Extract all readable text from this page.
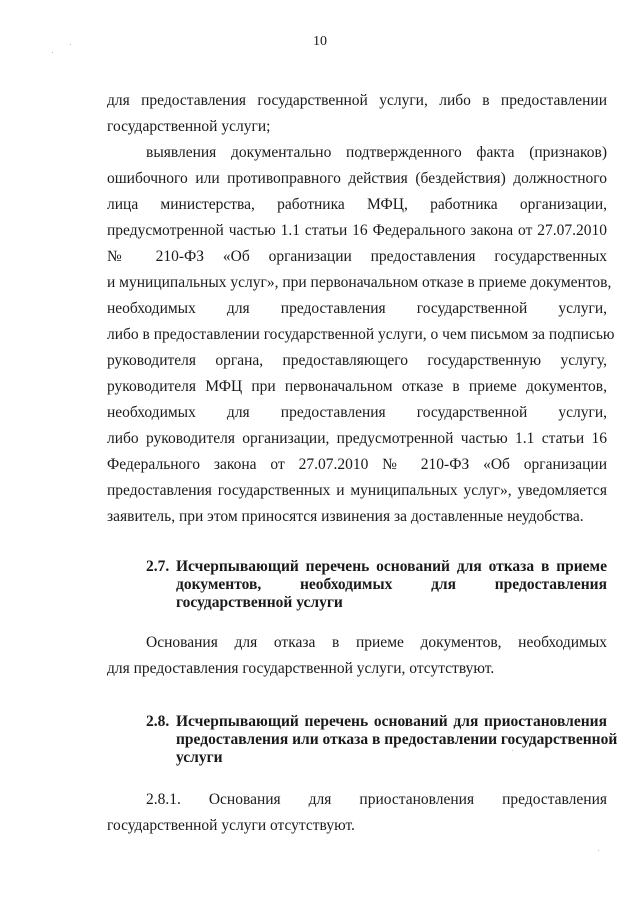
10
для предоставления государственной услуги, либо в предоставлении
государственной услуги;
выявления документально подтвержденного факта (признаков)
ошибочного или противоправного действия (бездействия) должностного
лица министерства, работника МФЦ, работника организации,
предусмотренной частью 1.1 статьи 16 Федерального закона от 27.07.2010
№ 210-ФЗ «Об организации предоставления государственных
и муниципальных услуг», при первоначальном отказе в приеме документов,
необходимых для предоставления государственной услуги,
либо в предоставлении государственной услуги, о чем письмом за подписью
руководителя органа, предоставляющего государственную услугу,
руководителя МФЦ при первоначальном отказе в приеме документов,
необходимых для предоставления государственной услуги,
либо руководителя организации, предусмотренной частью 1.1 статьи 16
Федерального закона от 27.07.2010 № 210-ФЗ «Об организации
предоставления государственных и муниципальных услуг», уведомляется
заявитель, при этом приносятся извинения за доставленные неудобства.
2.7. Исчерпывающий перечень оснований для отказа в приеме
документов, необходимых для предоставления
государственной услуги
Основания для отказа в приеме документов, необходимых
для предоставления государственной услуги, отсутствуют.
2.8. Исчерпывающий перечень оснований для приостановления
предоставления или отказа в предоставлении государственной
услуги
2.8.1. Основания для приостановления предоставления
государственной услуги отсутствуют.
